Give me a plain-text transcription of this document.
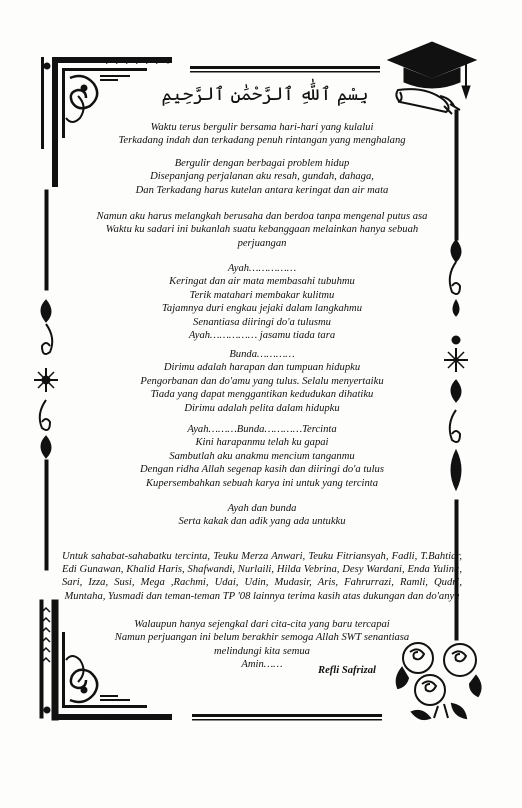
بِسْمِ ٱللَّٰهِ ٱلرَّحْمَٰنِ ٱلرَّحِيمِ

Waktu terus bergulir bersama hari-hari yang kulalui

Terkadang indah dan terkadang penuh rintangan yang menghalang

Bergulir dengan berbagai problem hidup

Disepanjang perjalanan aku resah, gundah, dahaga,

Dan Terkadang harus kutelan antara keringat dan air mata

Namun aku harus melangkah berusaha dan berdoa tanpa mengenal putus asa

Waktu ku sadari ini bukanlah suatu kebanggaan melainkan hanya sebuah

perjuangan

Ayah……………

Keringat dan air mata membasahi tubuhmu

Terik matahari membakar kulitmu

Tajamnya duri engkau jejaki dalam langkahmu

Senantiasa diiringi do'a tulusmu

Ayah…………… jasamu tiada tara

Bunda…………

Dirimu adalah harapan dan tumpuan hidupku

Pengorbanan dan do'amu yang tulus. Selalu menyertaiku

Tiada yang dapat menggantikan kedudukan dihatiku

Dirimu adalah pelita dalam hidupku

Ayah………Bunda…………Tercinta

Kini harapanmu telah ku gapai

Sambutlah aku anakmu mencium tanganmu

Dengan ridha Allah segenap kasih dan diiringi do'a tulus

Kupersembahkan sebuah karya ini untuk yang tercinta

Ayah dan bunda

Serta kakak dan adik yang ada untukku

Untuk sahabat-sahabatku tercinta, Teuku Merza Anwari, Teuku Fitriansyah, Fadli, T.Bahtiar, Edi Gunawan, Khalid Haris, Shafwandi, Nurlaili, Hilda Vebrina, Desy Wardani, Enda Yulina, Sari, Izza, Susi, Mega ,Rachmi, Udai, Udin, Mudasir, Aris, Fahrurrazi, Ramli, Qudri, Muntaha, Yusmadi dan teman-teman TP '08 lainnya terima kasih atas dukungan dan do'anya

Walaupun hanya sejengkal dari cita-cita yang baru tercapai

Namun perjuangan ini belum berakhir semoga Allah SWT senantiasa

melindungi kita semua

Amin……

Refli Safrizal
